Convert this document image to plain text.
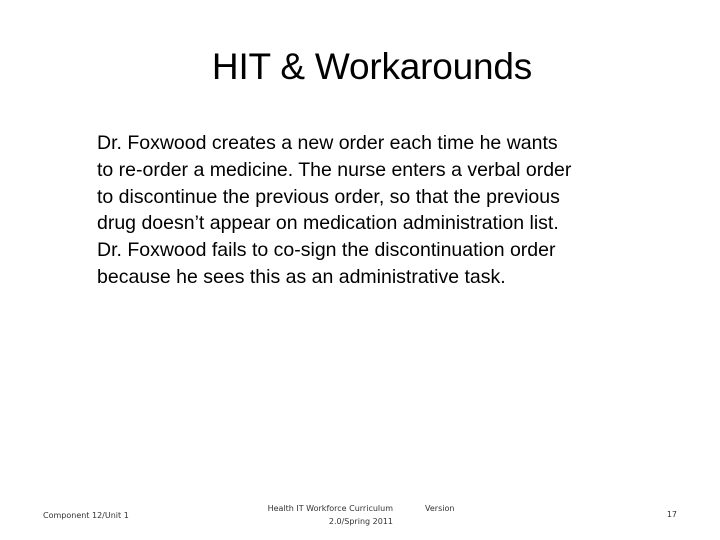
HIT & Workarounds

Dr. Foxwood creates a new order each time he wants
to re-order a medicine. The nurse enters a verbal order
to discontinue the previous order, so that the previous
drug doesn’t appear on medication administration list.
Dr. Foxwood fails to co-sign the discontinuation order
because he sees this as an administrative task.

Component 12/Unit 1
Health IT Workforce Curriculum
2.0/Spring 2011
Version
17
